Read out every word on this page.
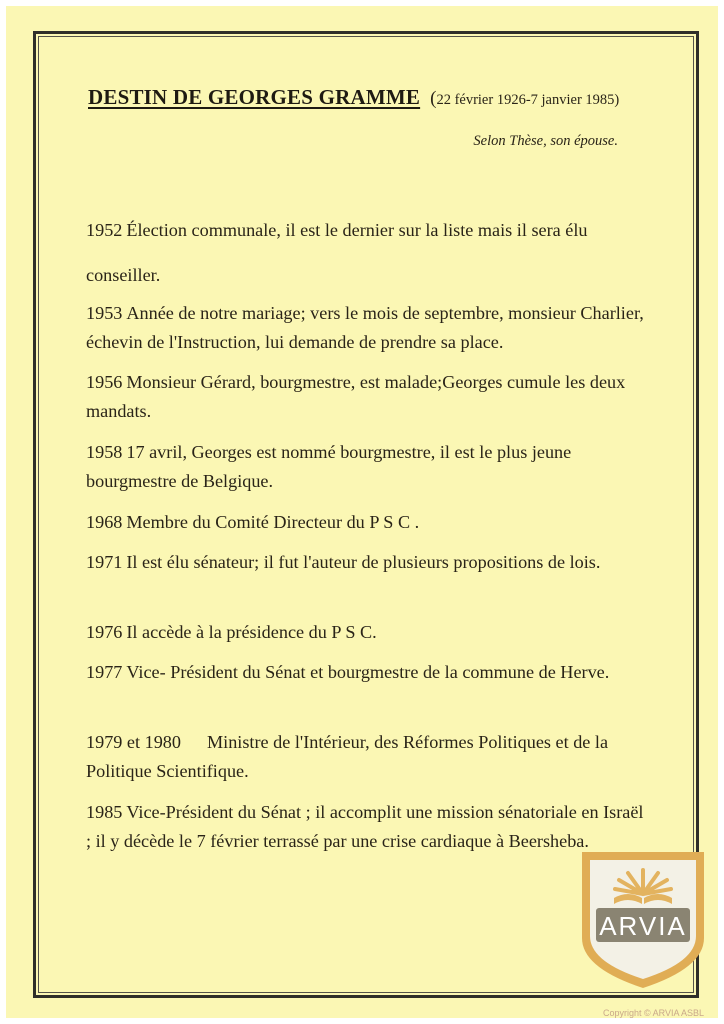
DESTIN DE GEORGES GRAMME (22 février 1926-7 janvier 1985)
Selon Thèse, son épouse.
1952 Élection communale, il est le dernier sur la liste mais il sera élu conseiller.
1953 Année de notre mariage; vers le mois de septembre, monsieur Charlier, échevin de l'Instruction, lui demande de prendre sa place.
1956 Monsieur Gérard, bourgmestre, est malade;Georges cumule les deux mandats.
1958 17 avril, Georges est nommé bourgmestre, il est le plus jeune bourgmestre de Belgique.
1968 Membre du Comité Directeur du P S C .
1971 Il est élu sénateur; il fut l'auteur de plusieurs propositions de lois.
1976 Il accède à la présidence du P S C.
1977 Vice- Président du Sénat et bourgmestre de la commune de Herve.
1979 et 1980 Ministre de l'Intérieur, des Réformes Politiques et de la Politique Scientifique.
1985 Vice-Président du Sénat ; il accomplit une mission sénatoriale en Israël ; il y décède le 7 février terrassé par une crise cardiaque à Beersheba.
ARVIA
Copyright © ARVIA ASBL
